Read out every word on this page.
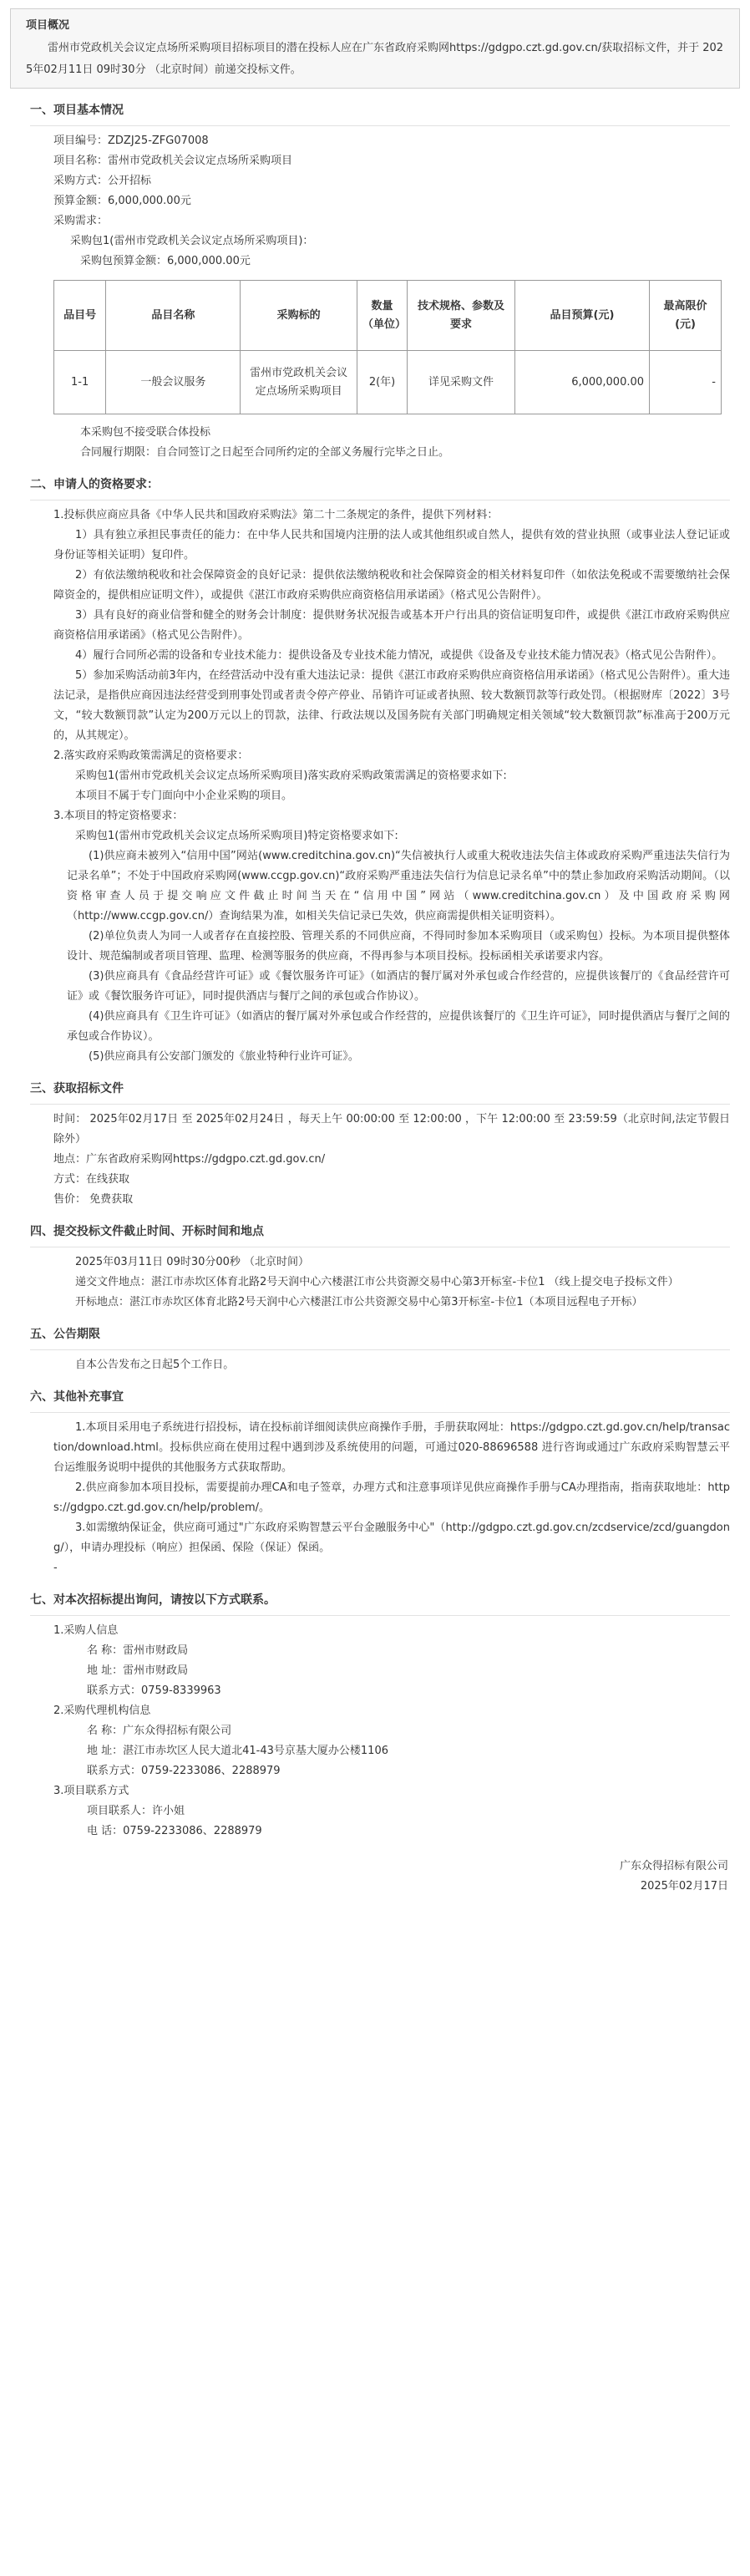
项目概况
雷州市党政机关会议定点场所采购项目招标项目的潜在投标人应在广东省政府采购网https://gdgpo.czt.gd.gov.cn/获取招标文件，并于 2025年02月11日 09时30分 （北京时间）前递交投标文件。
一、项目基本情况
项目编号：ZDZJ25-ZFG07008
项目名称：雷州市党政机关会议定点场所采购项目
采购方式：公开招标
预算金额：6,000,000.00元
采购需求：
采购包1(雷州市党政机关会议定点场所采购项目)：
采购包预算金额：6,000,000.00元
品目号	品目名称	采购标的	数量（单位）	技术规格、参数及要求	品目预算(元)	最高限价(元)
1-1	一般会议服务	雷州市党政机关会议定点场所采购项目	2(年)	详见采购文件	6,000,000.00	-
本采购包不接受联合体投标
合同履行期限：自合同签订之日起至合同所约定的全部义务履行完毕之日止。
二、申请人的资格要求：
1.投标供应商应具备《中华人民共和国政府采购法》第二十二条规定的条件，提供下列材料：
1）具有独立承担民事责任的能力：在中华人民共和国境内注册的法人或其他组织或自然人，提供有效的营业执照（或事业法人登记证或身份证等相关证明）复印件。
2）有依法缴纳税收和社会保障资金的良好记录：提供依法缴纳税收和社会保障资金的相关材料复印件（如依法免税或不需要缴纳社会保障资金的，提供相应证明文件），或提供《湛江市政府采购供应商资格信用承诺函》（格式见公告附件）。
3）具有良好的商业信誉和健全的财务会计制度：提供财务状况报告或基本开户行出具的资信证明复印件，或提供《湛江市政府采购供应商资格信用承诺函》（格式见公告附件）。
4）履行合同所必需的设备和专业技术能力：提供设备及专业技术能力情况，或提供《设备及专业技术能力情况表》（格式见公告附件）。
5）参加采购活动前3年内，在经营活动中没有重大违法记录：提供《湛江市政府采购供应商资格信用承诺函》（格式见公告附件）。重大违法记录，是指供应商因违法经营受到刑事处罚或者责令停产停业、吊销许可证或者执照、较大数额罚款等行政处罚。（根据财库〔2022〕3号文，“较大数额罚款”认定为200万元以上的罚款，法律、行政法规以及国务院有关部门明确规定相关领域“较大数额罚款”标准高于200万元的，从其规定）。
2.落实政府采购政策需满足的资格要求：
采购包1(雷州市党政机关会议定点场所采购项目)落实政府采购政策需满足的资格要求如下:
本项目不属于专门面向中小企业采购的项目。
3.本项目的特定资格要求：
采购包1(雷州市党政机关会议定点场所采购项目)特定资格要求如下:
(1)供应商未被列入“信用中国”网站(www.creditchina.gov.cn)“失信被执行人或重大税收违法失信主体或政府采购严重违法失信行为记录名单”；不处于中国政府采购网(www.ccgp.gov.cn)“政府采购严重违法失信行为信息记录名单”中的禁止参加政府采购活动期间。（以资格审查人员于提交响应文件截止时间当天在“信用中国”网站（www.creditchina.gov.cn）及中国政府采购网（http://www.ccgp.gov.cn/）查询结果为准，如相关失信记录已失效，供应商需提供相关证明资料）。
(2)单位负责人为同一人或者存在直接控股、管理关系的不同供应商，不得同时参加本采购项目（或采购包）投标。为本项目提供整体设计、规范编制或者项目管理、监理、检测等服务的供应商，不得再参与本项目投标。投标函相关承诺要求内容。
(3)供应商具有《食品经营许可证》或《餐饮服务许可证》（如酒店的餐厅属对外承包或合作经营的，应提供该餐厅的《食品经营许可证》或《餐饮服务许可证》，同时提供酒店与餐厅之间的承包或合作协议）。
(4)供应商具有《卫生许可证》（如酒店的餐厅属对外承包或合作经营的，应提供该餐厅的《卫生许可证》，同时提供酒店与餐厅之间的承包或合作协议）。
(5)供应商具有公安部门颁发的《旅业特种行业许可证》。
三、获取招标文件
时间： 2025年02月17日 至 2025年02月24日 ，每天上午 00:00:00 至 12:00:00 ，下午 12:00:00 至 23:59:59（北京时间,法定节假日除外）
地点：广东省政府采购网https://gdgpo.czt.gd.gov.cn/
方式：在线获取
售价： 免费获取
四、提交投标文件截止时间、开标时间和地点
2025年03月11日 09时30分00秒 （北京时间）
递交文件地点：湛江市赤坎区体育北路2号天润中心六楼湛江市公共资源交易中心第3开标室-卡位1 （线上提交电子投标文件）
开标地点：湛江市赤坎区体育北路2号天润中心六楼湛江市公共资源交易中心第3开标室-卡位1（本项目远程电子开标）
五、公告期限
自本公告发布之日起5个工作日。
六、其他补充事宜
1.本项目采用电子系统进行招投标，请在投标前详细阅读供应商操作手册，手册获取网址：https://gdgpo.czt.gd.gov.cn/help/transaction/download.html。投标供应商在使用过程中遇到涉及系统使用的问题，可通过020-88696588 进行咨询或通过广东政府采购智慧云平台运维服务说明中提供的其他服务方式获取帮助。
2.供应商参加本项目投标，需要提前办理CA和电子签章，办理方式和注意事项详见供应商操作手册与CA办理指南，指南获取地址：https://gdgpo.czt.gd.gov.cn/help/problem/。
3.如需缴纳保证金，供应商可通过"广东政府采购智慧云平台金融服务中心"（http://gdgpo.czt.gd.gov.cn/zcdservice/zcd/guangdong/），申请办理投标（响应）担保函、保险（保证）保函。
-
七、对本次招标提出询问，请按以下方式联系。
1.采购人信息
名 称：雷州市财政局
地 址：雷州市财政局
联系方式：0759-8339963
2.采购代理机构信息
名 称：广东众得招标有限公司
地 址：湛江市赤坎区人民大道北41-43号京基大厦办公楼1106
联系方式：0759-2233086、2288979
3.项目联系方式
项目联系人：许小姐
电 话：0759-2233086、2288979
广东众得招标有限公司
2025年02月17日
